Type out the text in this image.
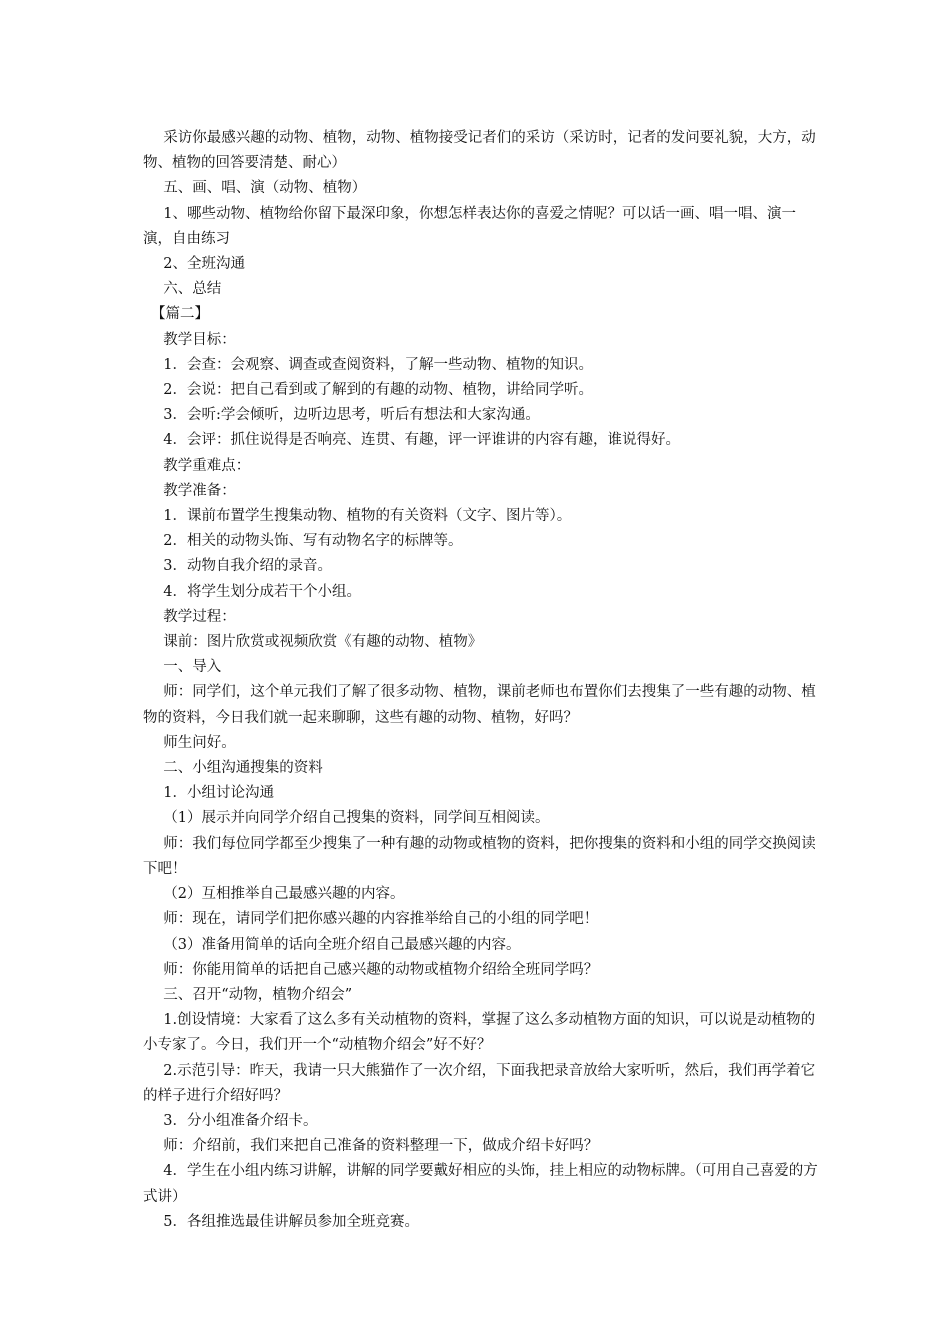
采访你最感兴趣的动物、植物，动物、植物接受记者们的采访（采访时，记者的发问要礼貌，大方，动物、植物的回答要清楚、耐心）

五、画、唱、演（动物、植物）

1、哪些动物、植物给你留下最深印象，你想怎样表达你的喜爱之情呢？可以话一画、唱一唱、演一演，自由练习

2、全班沟通

六、总结

【篇二】

教学目标：

1．会查：会观察、调查或查阅资料，了解一些动物、植物的知识。

2．会说：把自己看到或了解到的有趣的动物、植物，讲给同学听。

3．会听:学会倾听，边听边思考，听后有想法和大家沟通。

4．会评：抓住说得是否响亮、连贯、有趣，评一评谁讲的内容有趣，谁说得好。

教学重难点：

教学准备：

1．课前布置学生搜集动物、植物的有关资料（文字、图片等）。

2．相关的动物头饰、写有动物名字的标牌等。

3．动物自我介绍的录音。

4．将学生划分成若干个小组。

教学过程：

课前：图片欣赏或视频欣赏《有趣的动物、植物》

一、导入

师：同学们，这个单元我们了解了很多动物、植物，课前老师也布置你们去搜集了一些有趣的动物、植物的资料，今日我们就一起来聊聊，这些有趣的动物、植物，好吗？

师生问好。

二、小组沟通搜集的资料

1．小组讨论沟通

（1）展示并向同学介绍自己搜集的资料，同学间互相阅读。

师：我们每位同学都至少搜集了一种有趣的动物或植物的资料，把你搜集的资料和小组的同学交换阅读下吧！

（2）互相推举自己最感兴趣的内容。

师：现在，请同学们把你感兴趣的内容推举给自己的小组的同学吧！

（3）准备用简单的话向全班介绍自己最感兴趣的内容。

师：你能用简单的话把自己感兴趣的动物或植物介绍给全班同学吗？

三、召开“动物，植物介绍会”

1.创设情境：大家看了这么多有关动植物的资料，掌握了这么多动植物方面的知识，可以说是动植物的小专家了。今日，我们开一个“动植物介绍会”好不好？

2.示范引导：昨天，我请一只大熊猫作了一次介绍，下面我把录音放给大家听听，然后，我们再学着它的样子进行介绍好吗？

3．分小组准备介绍卡。

师：介绍前，我们来把自己准备的资料整理一下，做成介绍卡好吗？

4．学生在小组内练习讲解，讲解的同学要戴好相应的头饰，挂上相应的动物标牌。（可用自己喜爱的方式讲）

5．各组推选最佳讲解员参加全班竞赛。
